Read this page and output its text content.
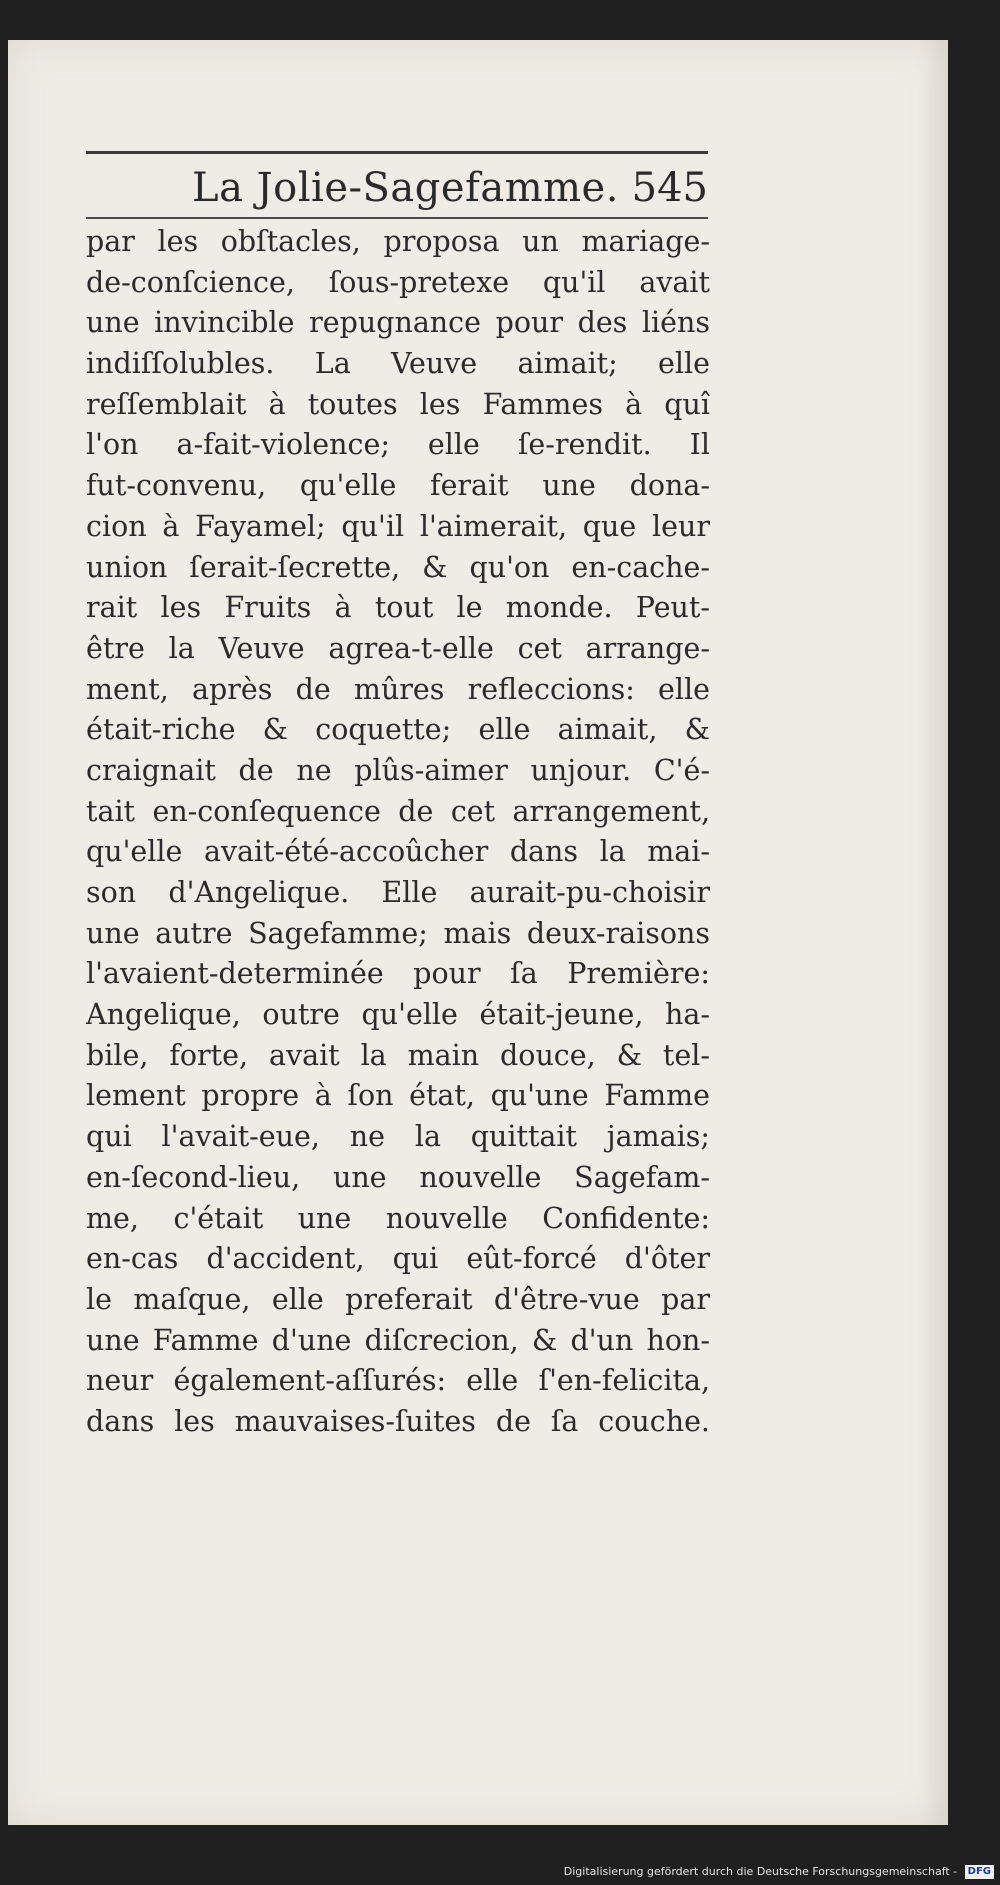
La Jolie-Sagefamme. 545
par les obſtacles, proposa un mariage-
de-conſcience, ſous-pretexe qu'il avait
une invincible repugnance pour des liéns
indiſſolubles. La Veuve aimait; elle
reſſemblait à toutes les Fammes à quî
l'on a-fait-violence; elle ſe-rendit. Il
fut-convenu, qu'elle ferait une dona-
cion à Fayamel; qu'il l'aimerait, que leur
union ſerait-ſecrette, & qu'on en-cache-
rait les Fruits à tout le monde. Peut-
être la Veuve agrea-t-elle cet arrange-
ment, après de mûres refleccions: elle
était-riche & coquette; elle aimait, &
craignait de ne plûs-aimer unjour. C'é-
tait en-conſequence de cet arrangement,
qu'elle avait-été-accoûcher dans la mai-
son d'Angelique. Elle aurait-pu-choisir
une autre Sagefamme; mais deux-raisons
l'avaient-determinée pour ſa Première:
Angelique, outre qu'elle était-jeune, ha-
bile, forte, avait la main douce, & tel-
lement propre à ſon état, qu'une Famme
qui l'avait-eue, ne la quittait jamais;
en-ſecond-lieu, une nouvelle Sagefam-
me, c'était une nouvelle Confidente:
en-cas d'accident, qui eût-forcé d'ôter
le maſque, elle preferait d'être-vue par
une Famme d'une diſcrecion, & d'un hon-
neur également-aſſurés: elle ſ'en-felicita,
dans les mauvaises-ſuites de ſa couche.
Digitalisierung gefördert durch die Deutsche Forschungsgemeinschaft - DFG
